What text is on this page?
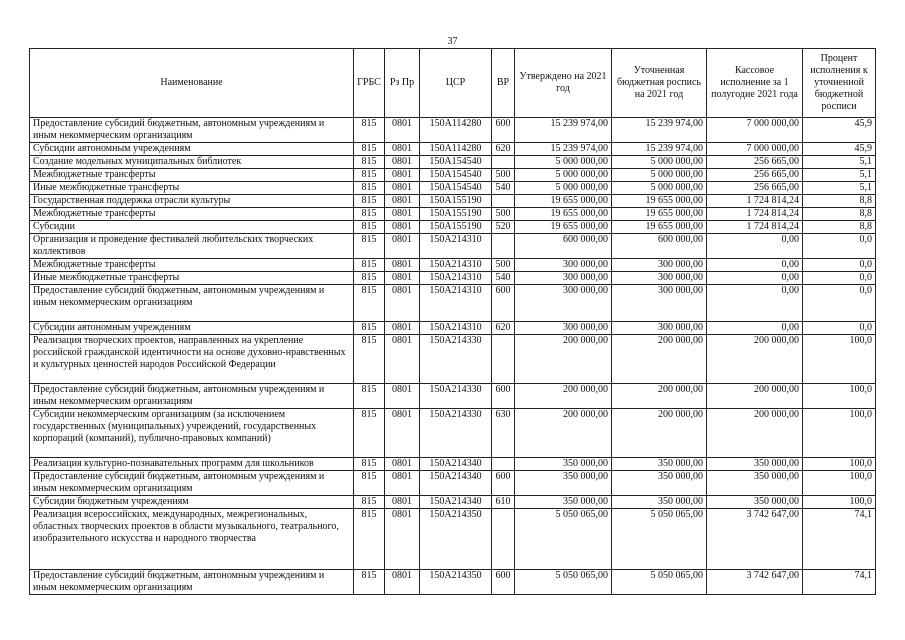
37
Наименование	ГРБС	Рз Пр	ЦСР	ВР	Утверждено на 2021 год	Уточненная бюджетная роспись на 2021 год	Кассовое исполнение за 1 полугодие 2021 года	Процент исполнения к уточненной бюджетной росписи
Предоставление субсидий бюджетным, автономным учреждениям и иным некоммерческим организациям	815	0801	150A114280	600	15 239 974,00	15 239 974,00	7 000 000,00	45,9
Субсидии автономным учреждениям	815	0801	150A114280	620	15 239 974,00	15 239 974,00	7 000 000,00	45,9
Создание модельных муниципальных библиотек	815	0801	150A154540		5 000 000,00	5 000 000,00	256 665,00	5,1
Межбюджетные трансферты	815	0801	150A154540	500	5 000 000,00	5 000 000,00	256 665,00	5,1
Иные межбюджетные трансферты	815	0801	150A154540	540	5 000 000,00	5 000 000,00	256 665,00	5,1
Государственная поддержка отрасли культуры	815	0801	150A155190		19 655 000,00	19 655 000,00	1 724 814,24	8,8
Межбюджетные трансферты	815	0801	150A155190	500	19 655 000,00	19 655 000,00	1 724 814,24	8,8
Субсидии	815	0801	150A155190	520	19 655 000,00	19 655 000,00	1 724 814,24	8,8
Организация и проведение фестивалей любительских творческих коллективов	815	0801	150A214310		600 000,00	600 000,00	0,00	0,0
Межбюджетные трансферты	815	0801	150A214310	500	300 000,00	300 000,00	0,00	0,0
Иные межбюджетные трансферты	815	0801	150A214310	540	300 000,00	300 000,00	0,00	0,0
Предоставление субсидий бюджетным, автономным учреждениям и иным некоммерческим организациям	815	0801	150A214310	600	300 000,00	300 000,00	0,00	0,0
Субсидии автономным учреждениям	815	0801	150A214310	620	300 000,00	300 000,00	0,00	0,0
Реализация творческих проектов, направленных на укрепление российской гражданской идентичности на основе духовно-нравственных и культурных ценностей народов Российской Федерации	815	0801	150A214330		200 000,00	200 000,00	200 000,00	100,0
Предоставление субсидий бюджетным, автономным учреждениям и иным некоммерческим организациям	815	0801	150A214330	600	200 000,00	200 000,00	200 000,00	100,0
Субсидии некоммерческим организациям (за исключением государственных (муниципальных) учреждений, государственных корпораций (компаний), публично-правовых компаний)	815	0801	150A214330	630	200 000,00	200 000,00	200 000,00	100,0
Реализация культурно-познавательных программ для школьников	815	0801	150A214340		350 000,00	350 000,00	350 000,00	100,0
Предоставление субсидий бюджетным, автономным учреждениям и иным некоммерческим организациям	815	0801	150A214340	600	350 000,00	350 000,00	350 000,00	100,0
Субсидии бюджетным учреждениям	815	0801	150A214340	610	350 000,00	350 000,00	350 000,00	100,0
Реализация всероссийских, международных, межрегиональных, областных творческих проектов в области музыкального, театрального, изобразительного искусства и народного творчества	815	0801	150A214350		5 050 065,00	5 050 065,00	3 742 647,00	74,1
Предоставление субсидий бюджетным, автономным учреждениям и иным некоммерческим организациям	815	0801	150A214350	600	5 050 065,00	5 050 065,00	3 742 647,00	74,1
